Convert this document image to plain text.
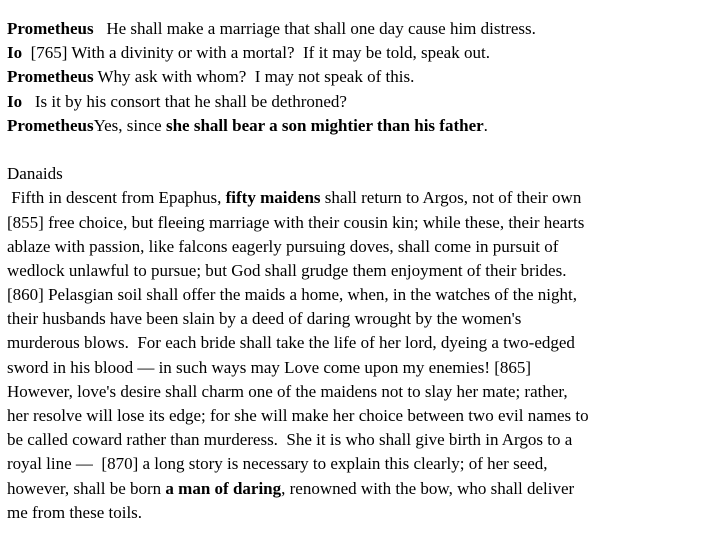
Prometheus He shall make a marriage that shall one day cause him distress.
Io [765] With a divinity or with a mortal?  If it may be told, speak out.
Prometheus Why ask with whom?  I may not speak of this.
Io Is it by his consort that he shall be dethroned?
PrometheusYes, since she shall bear a son mightier than his father.
Danaids
Fifth in descent from Epaphus, fifty maidens shall return to Argos, not of their own
[855] free choice, but fleeing marriage with their cousin kin; while these, their hearts
ablaze with passion, like falcons eagerly pursuing doves, shall come in pursuit of
wedlock unlawful to pursue; but God shall grudge them enjoyment of their brides.
[860] Pelasgian soil shall offer the maids a home, when, in the watches of the night,
their husbands have been slain by a deed of daring wrought by the women's
murderous blows.  For each bride shall take the life of her lord, dyeing a two-edged
sword in his blood — in such ways may Love come upon my enemies! [865]
However, love's desire shall charm one of the maidens not to slay her mate; rather,
her resolve will lose its edge; for she will make her choice between two evil names to
be called coward rather than murderess.  She it is who shall give birth in Argos to a
royal line —  [870] a long story is necessary to explain this clearly; of her seed,
however, shall be born a man of daring, renowned with the bow, who shall deliver
me from these toils.
